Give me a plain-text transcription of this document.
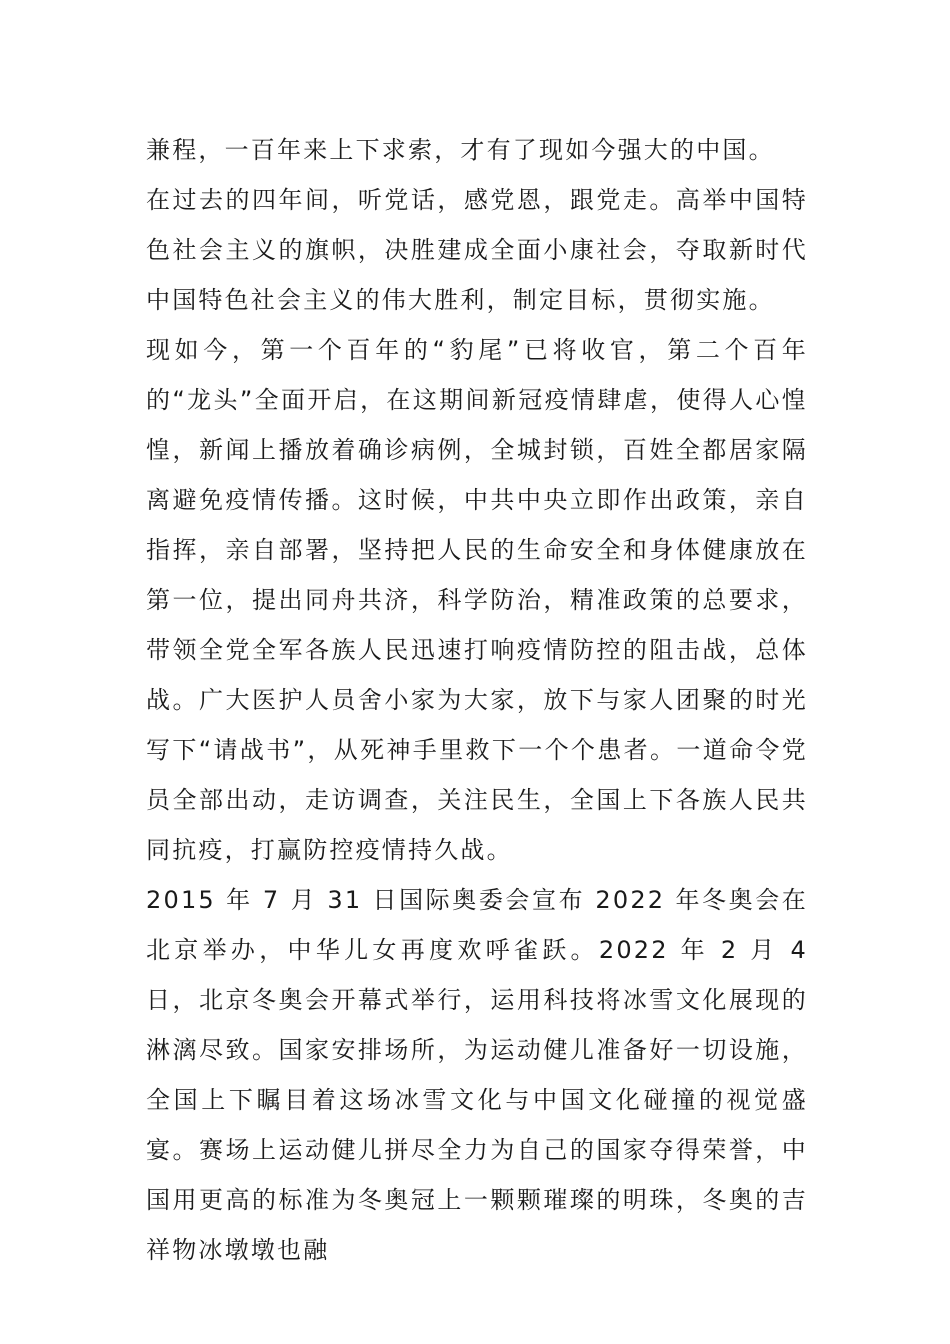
兼程，一百年来上下求索，才有了现如今强大的中国。

在过去的四年间，听党话，感党恩，跟党走。高举中国特色社会主义的旗帜，决胜建成全面小康社会，夺取新时代中国特色社会主义的伟大胜利，制定目标，贯彻实施。

现如今，第一个百年的“豹尾”已将收官，第二个百年的“龙头”全面开启，在这期间新冠疫情肆虐，使得人心惶惶，新闻上播放着确诊病例，全城封锁，百姓全都居家隔离避免疫情传播。这时候，中共中央立即作出政策，亲自指挥，亲自部署，坚持把人民的生命安全和身体健康放在第一位，提出同舟共济，科学防治，精准政策的总要求，带领全党全军各族人民迅速打响疫情防控的阻击战，总体战。广大医护人员舍小家为大家，放下与家人团聚的时光写下“请战书”，从死神手里救下一个个患者。一道命令党员全部出动，走访调查，关注民生，全国上下各族人民共同抗疫，打赢防控疫情持久战。

2015 年 7 月 31 日国际奥委会宣布 2022 年冬奥会在北京举办，中华儿女再度欢呼雀跃。2022 年 2 月 4 日，北京冬奥会开幕式举行，运用科技将冰雪文化展现的淋漓尽致。国家安排场所，为运动健儿准备好一切设施，全国上下瞩目着这场冰雪文化与中国文化碰撞的视觉盛宴。赛场上运动健儿拼尽全力为自己的国家夺得荣誉，中国用更高的标准为冬奥冠上一颗颗璀璨的明珠，冬奥的吉祥物冰墩墩也融
